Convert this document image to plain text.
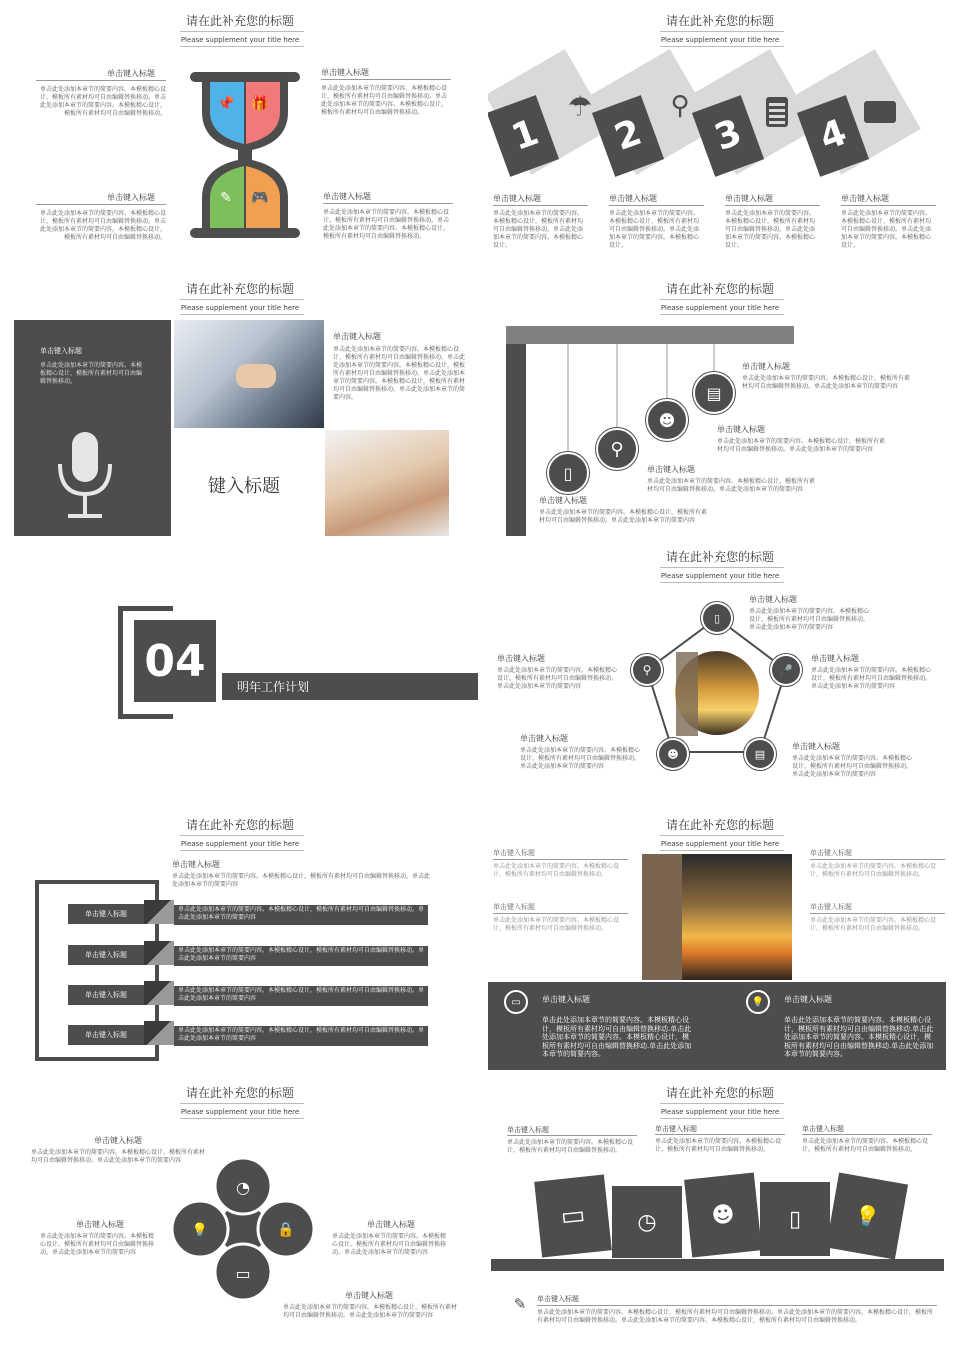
请在此补充您的标题
Please supplement your title here
单击键入标题
单击此处添加本章节的简要内容。本模板精心设计，模板所有素材均可自由编辑替换移动。单击此处添加本章节的简要内容。本模板精心设计，模板所有素材均可自由编辑替换移动。
单击键入标题
单击此处添加本章节的简要内容。本模板精心设计，模板所有素材均可自由编辑替换移动。单击此处添加本章节的简要内容。本模板精心设计，模板所有素材均可自由编辑替换移动。
单击键入标题
单击此处添加本章节的简要内容。本模板精心设计，模板所有素材均可自由编辑替换移动。单击此处添加本章节的简要内容。本模板精心设计，模板所有素材均可自由编辑替换移动。
单击键入标题
单击此处添加本章节的简要内容。本模板精心设计，模板所有素材均可自由编辑替换移动。单击此处添加本章节的简要内容。本模板精心设计，模板所有素材均可自由编辑替换移动。
📌 🎁
✎ 🎮
请在此补充您的标题
Please supplement your title here
1 2 3 4
☂	⚲
单击键入标题
单击此处添加本章节的简要内容。本模板精心设计，模板所有素材均可自由编辑替换移动。单击此处添加本章节的简要内容。本模板精心设计。
单击键入标题
单击此处添加本章节的简要内容。本模板精心设计，模板所有素材均可自由编辑替换移动。单击此处添加本章节的简要内容。本模板精心设计。
单击键入标题
单击此处添加本章节的简要内容。本模板精心设计，模板所有素材均可自由编辑替换移动。单击此处添加本章节的简要内容。本模板精心设计。
单击键入标题
单击此处添加本章节的简要内容。本模板精心设计，模板所有素材均可自由编辑替换移动。单击此处添加本章节的简要内容。本模板精心设计。
请在此补充您的标题
Please supplement your title here
单击键入标题
单击此处添加本章节的简要内容。本模板精心设计，模板所有素材均可自由编辑替换移动。
键入标题
单击键入标题
单击此处添加本章节的简要内容。本模板精心设计，模板所有素材均可自由编辑替换移动。单击此处添加本章节的简要内容。本模板精心设计，模板所有素材均可自由编辑替换移动。单击此处添加本章节的简要内容。本模板精心设计，模板所有素材均可自由编辑替换移动。单击此处添加本章节的简要内容。
请在此补充您的标题
Please supplement your title here
▯
⚲
☻
▤
单击键入标题
单击此处添加本章节的简要内容。本模板精心设计，模板所有素材均可自由编辑替换移动。单击此处添加本章节的简要内容
单击键入标题
单击此处添加本章节的简要内容。本模板精心设计，模板所有素材均可自由编辑替换移动。单击此处添加本章节的简要内容
单击键入标题
单击此处添加本章节的简要内容。本模板精心设计，模板所有素材均可自由编辑替换移动。单击此处添加本章节的简要内容
单击键入标题
单击此处添加本章节的简要内容。本模板精心设计，模板所有素材均可自由编辑替换移动。单击此处添加本章节的简要内容
04
明年工作计划
请在此补充您的标题
Please supplement your title here
▯
🎤
▤
☻
⚲
单击键入标题
单击此处添加本章节的简要内容。本模板精心设计，模板所有素材均可自由编辑替换移动。单击此处添加本章节的简要内容
单击键入标题
单击此处添加本章节的简要内容。本模板精心设计，模板所有素材均可自由编辑替换移动。单击此处添加本章节的简要内容
单击键入标题
单击此处添加本章节的简要内容。本模板精心设计，模板所有素材均可自由编辑替换移动。单击此处添加本章节的简要内容
单击键入标题
单击此处添加本章节的简要内容。本模板精心设计，模板所有素材均可自由编辑替换移动。单击此处添加本章节的简要内容
单击键入标题
单击此处添加本章节的简要内容。本模板精心设计，模板所有素材均可自由编辑替换移动。单击此处添加本章节的简要内容
请在此补充您的标题
Please supplement your title here
单击键入标题
单击此处添加本章节的简要内容。本模板精心设计，模板所有素材均可自由编辑替换移动。单击此处添加本章节的简要内容
单击键入标题
单击此处添加本章节的简要内容。本模板精心设计，模板所有素材均可自由编辑替换移动。单击此处添加本章节的简要内容
单击键入标题
单击此处添加本章节的简要内容。本模板精心设计，模板所有素材均可自由编辑替换移动。单击此处添加本章节的简要内容
单击键入标题
单击此处添加本章节的简要内容。本模板精心设计，模板所有素材均可自由编辑替换移动。单击此处添加本章节的简要内容
单击键入标题
单击此处添加本章节的简要内容。本模板精心设计，模板所有素材均可自由编辑替换移动。单击此处添加本章节的简要内容
请在此补充您的标题
Please supplement your title here
单击键入标题
单击此处添加本章节的简要内容。本模板精心设计，模板所有素材均可自由编辑替换移动。
单击键入标题
单击此处添加本章节的简要内容。本模板精心设计，模板所有素材均可自由编辑替换移动。
单击键入标题
单击此处添加本章节的简要内容。本模板精心设计，模板所有素材均可自由编辑替换移动。
单击键入标题
单击此处添加本章节的简要内容。本模板精心设计，模板所有素材均可自由编辑替换移动。
▭	单击键入标题
单击此处添加本章节的简要内容。本模板精心设计，模板所有素材均可自由编辑替换移动.单击此处添加本章节的简要内容。本模板精心设计，模板所有素材均可自由编辑替换移动.单击此处添加本章节的简要内容。
💡	单击键入标题
单击此处添加本章节的简要内容。本模板精心设计，模板所有素材均可自由编辑替换移动.单击此处添加本章节的简要内容。本模板精心设计，模板所有素材均可自由编辑替换移动.单击此处添加本章节的简要内容。
请在此补充您的标题
Please supplement your title here
◔
🔒
▭
💡
单击键入标题
单击此处添加本章节的简要内容。本模板精心设计，模板所有素材均可自由编辑替换移动。单击此处添加本章节的简要内容
单击键入标题
单击此处添加本章节的简要内容。本模板精心设计，模板所有素材均可自由编辑替换移动。单击此处添加本章节的简要内容
单击键入标题
单击此处添加本章节的简要内容。本模板精心设计，模板所有素材均可自由编辑替换移动。单击此处添加本章节的简要内容
单击键入标题
单击此处添加本章节的简要内容。本模板精心设计，模板所有素材均可自由编辑替换移动。单击此处添加本章节的简要内容
请在此补充您的标题
Please supplement your title here
单击键入标题
单击此处添加本章节的简要内容。本模板精心设计，模板所有素材均可自由编辑替换移动。
单击键入标题
单击此处添加本章节的简要内容。本模板精心设计，模板所有素材均可自由编辑替换移动。
单击键入标题
单击此处添加本章节的简要内容。本模板精心设计，模板所有素材均可自由编辑替换移动。
▭ ◷ ☻ ▯	💡
✎	单击键入标题
单击此处添加本章节的简要内容。本模板精心设计，模板所有素材均可自由编辑替换移动。单击此处添加本章节的简要内容。本模板精心设计，模板所有素材均可自由编辑替换移动。单击此处添加本章节的简要内容。本模板精心设计，模板所有素材均可自由编辑替换移动。
